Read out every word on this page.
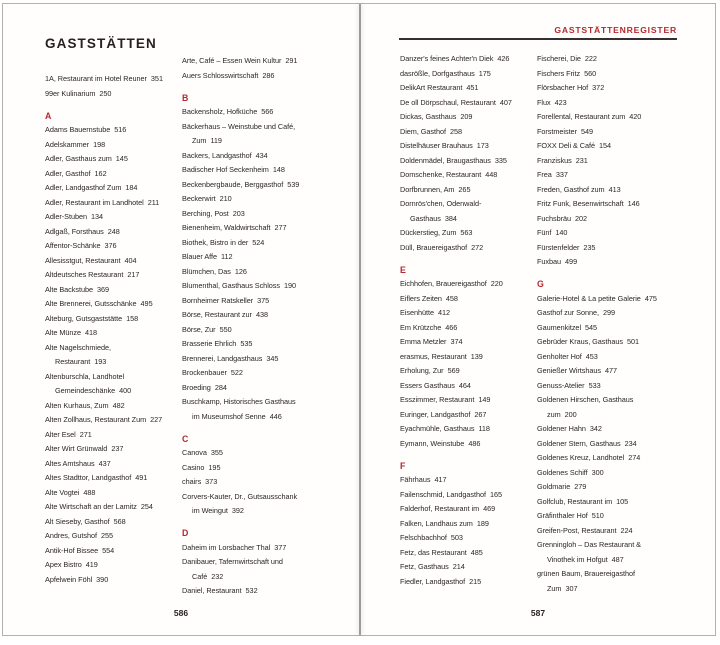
GASTSTÄTTEN
1A, Restaurant im Hotel Reuner 351
99er Kulinarium 250
A
Adams Bauernstube 516
Adelskammer 198
Adler, Gasthaus zum 145
Adler, Gasthof 162
Adler, Landgasthof Zum 184
Adler, Restaurant im Landhotel 211
Adler-Stuben 134
Adlgaß, Forsthaus 248
Affentor-Schänke 376
Allesisstgut, Restaurant 404
Altdeutsches Restaurant 217
Alte Backstube 369
Alte Brennerei, Gutsschänke 495
Alteburg, Gutsgaststätte 158
Alte Münze 418
Alte Nagelschmiede,
Restaurant 193
Altenburschla, Landhotel
Gemeindeschänke 400
Alten Kurhaus, Zum 482
Alten Zollhaus, Restaurant Zum 227
Alter Esel 271
Alter Wirt Grünwald 237
Altes Amtshaus 437
Altes Stadttor, Landgasthof 491
Alte Vogtei 488
Alte Wirtschaft an der Lamitz 254
Alt Sieseby, Gasthof 568
Andres, Gutshof 255
Antik-Hof Bissee 554
Apex Bistro 419
Apfelwein Föhl 390
Arte, Café – Essen Wein Kultur 291
Auers Schlosswirtschaft 286
B
Backensholz, Hofküche 566
Bäckerhaus – Weinstube und Café,
Zum 119
Backers, Landgasthof 434
Badischer Hof Seckenheim 148
Beckenbergbaude, Berggasthof 539
Beckerwirt 210
Berching, Post 203
Bienenheim, Waldwirtschaft 277
Biothek, Bistro in der 524
Blauer Affe 112
Blümchen, Das 126
Blumenthal, Gasthaus Schloss 190
Bornheimer Ratskeller 375
Börse, Restaurant zur 438
Börse, Zur 550
Brasserie Ehrlich 535
Brennerei, Landgasthaus 345
Brockenbauer 522
Broeding 284
Buschkamp, Historisches Gasthaus
im Museumshof Senne 446
C
Canova 355
Casino 195
chairs 373
Corvers-Kauter, Dr., Gutsausschank
im Weingut 392
D
Daheim im Lorsbacher Thal 377
Danibauer, Tafernwirtschaft und
Café 232
Daniel, Restaurant 532
586
GASTSTÄTTENREGISTER
Danzer's feines Achter'n Diek 426
dasrößle, Dorfgasthaus 175
DelikArt Restaurant 451
De oll Dörpschaul, Restaurant 407
Dickas, Gasthaus 209
Diem, Gasthof 258
Distelhäuser Brauhaus 173
Doldenmädel, Braugasthaus 335
Domschenke, Restaurant 448
Dorfbrunnen, Am 265
Dornrös'chen, Odenwald-
Gasthaus 384
Dückerstieg, Zum 563
Düll, Brauereigasthof 272
E
Eichhofen, Brauereigasthof 220
Eiflers Zeiten 458
Eisenhütte 412
Em Krützche 466
Emma Metzler 374
erasmus, Restaurant 139
Erholung, Zur 569
Essers Gasthaus 464
Esszimmer, Restaurant 149
Euringer, Landgasthof 267
Eyachmühle, Gasthaus 118
Eymann, Weinstube 486
F
Fährhaus 417
Failenschmid, Landgasthof 165
Falderhof, Restaurant im 469
Falken, Landhaus zum 189
Felschbachhof 503
Fetz, das Restaurant 485
Fetz, Gasthaus 214
Fiedler, Landgasthof 215
Fischerei, Die 222
Fischers Fritz 560
Flörsbacher Hof 372
Flux 423
Forellental, Restaurant zum 420
Forstmeister 549
FOXX Deli & Café 154
Franziskus 231
Frea 337
Freden, Gasthof zum 413
Fritz Funk, Besenwirtschaft 146
Fuchsbräu 202
Fünf 140
Fürstenfelder 235
Fuxbau 499
G
Galerie-Hotel & La petite Galerie 475
Gasthof zur Sonne, 299
Gaumenkitzel 545
Gebrüder Kraus, Gasthaus 501
Genholter Hof 453
Genießer Wirtshaus 477
Genuss-Atelier 533
Goldenen Hirschen, Gasthaus
zum 200
Goldener Hahn 342
Goldener Stern, Gasthaus 234
Goldenes Kreuz, Landhotel 274
Goldenes Schiff 300
Goldmarie 279
Golfclub, Restaurant im 105
Gräfinthaler Hof 510
Greifen-Post, Restaurant 224
Grenningloh – Das Restaurant &
Vinothek im Hofgut 487
grünen Baum, Brauereigasthof
Zum 307
587
